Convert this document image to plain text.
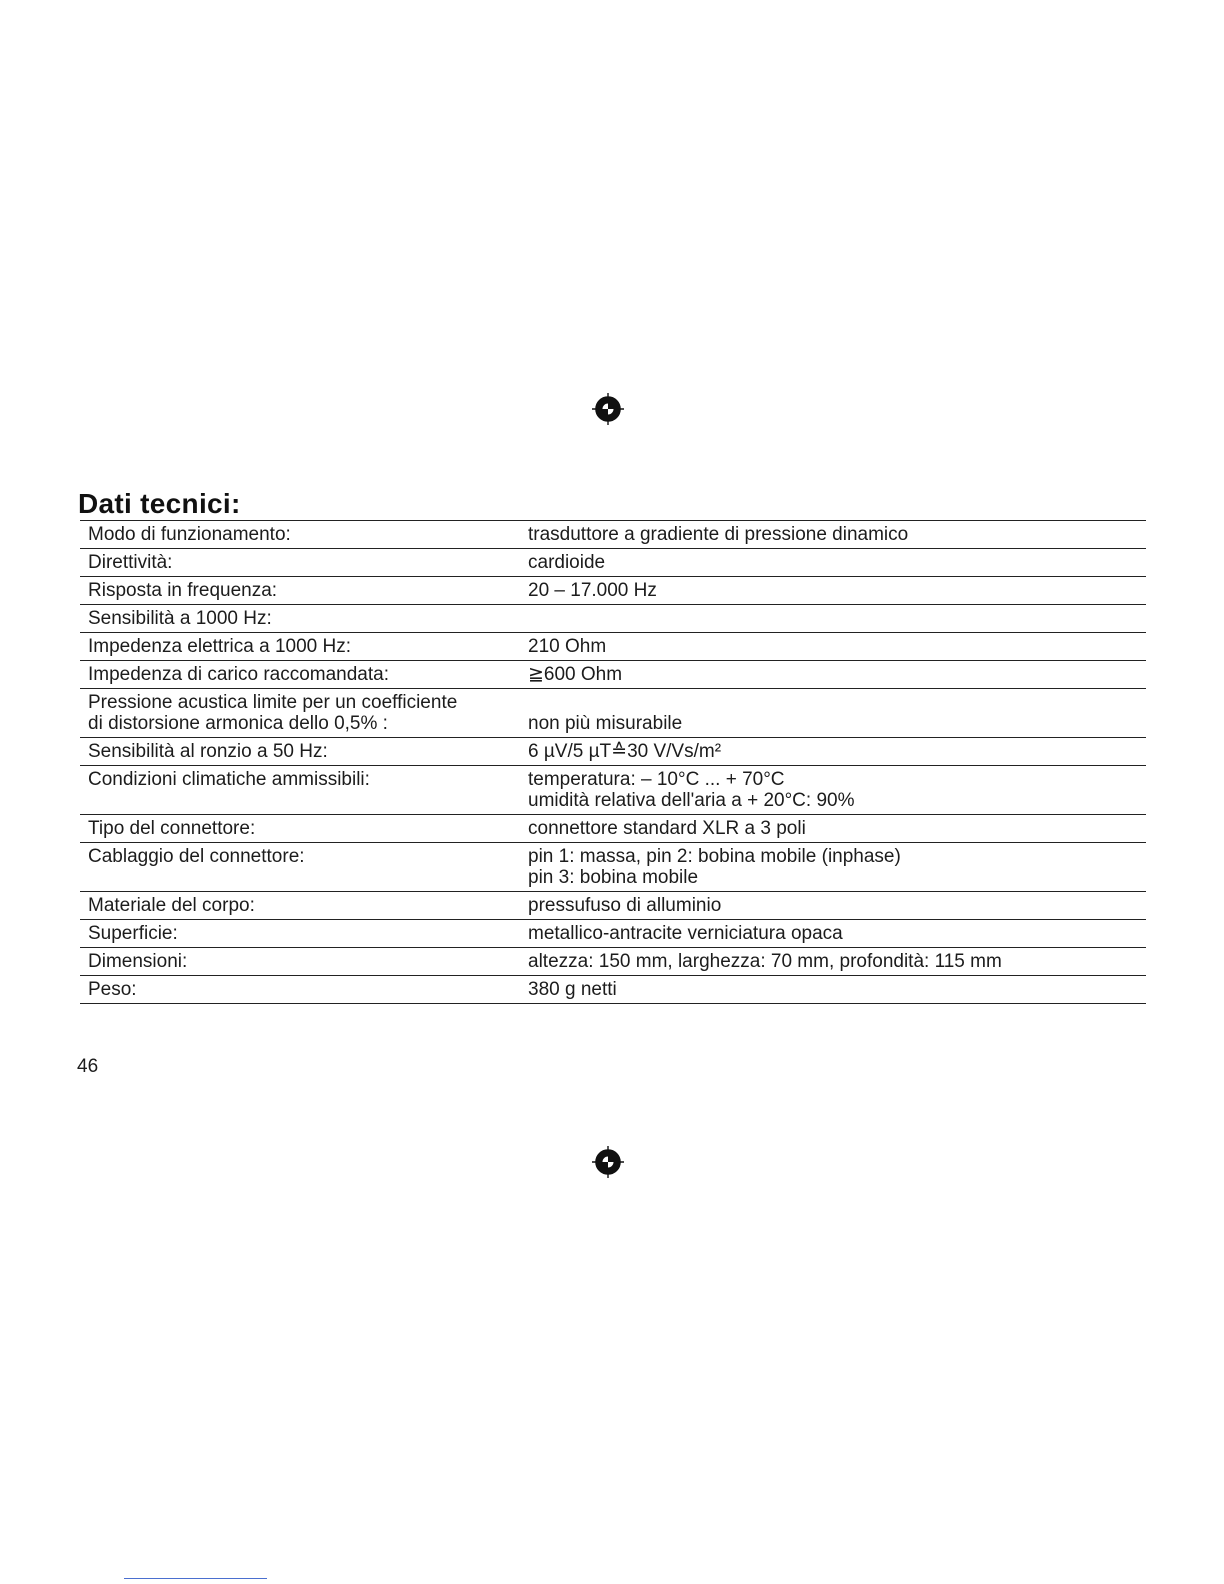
Dati tecnici:
Modo di funzionamento:	trasduttore a gradiente di pressione dinamico

Direttività:	cardioide

Risposta in frequenza:	20 – 17.000 Hz

Sensibilità a 1000 Hz:

Impedenza elettrica a 1000 Hz:	210 Ohm

Impedenza di carico raccomandata:	≧600 Ohm

Pressione acustica limite per un coefficiente
di distorsione armonica dello 0,5% :	non più misurabile

Sensibilità al ronzio a 50 Hz:	6 µV/5 µT≙30 V/Vs/m²

Condizioni climatiche ammissibili:	temperatura: – 10°C ... + 70°C
umidità relativa dell'aria a + 20°C: 90%

Tipo del connettore:	connettore standard XLR a 3 poli

Cablaggio del connettore:	pin 1: massa, pin 2: bobina mobile (inphase)
pin 3: bobina mobile

Materiale del corpo:	pressufuso di alluminio

Superficie:	metallico-antracite verniciatura opaca

Dimensioni:	altezza: 150 mm, larghezza: 70 mm, profondità: 115 mm

Peso:	380 g netti
46
